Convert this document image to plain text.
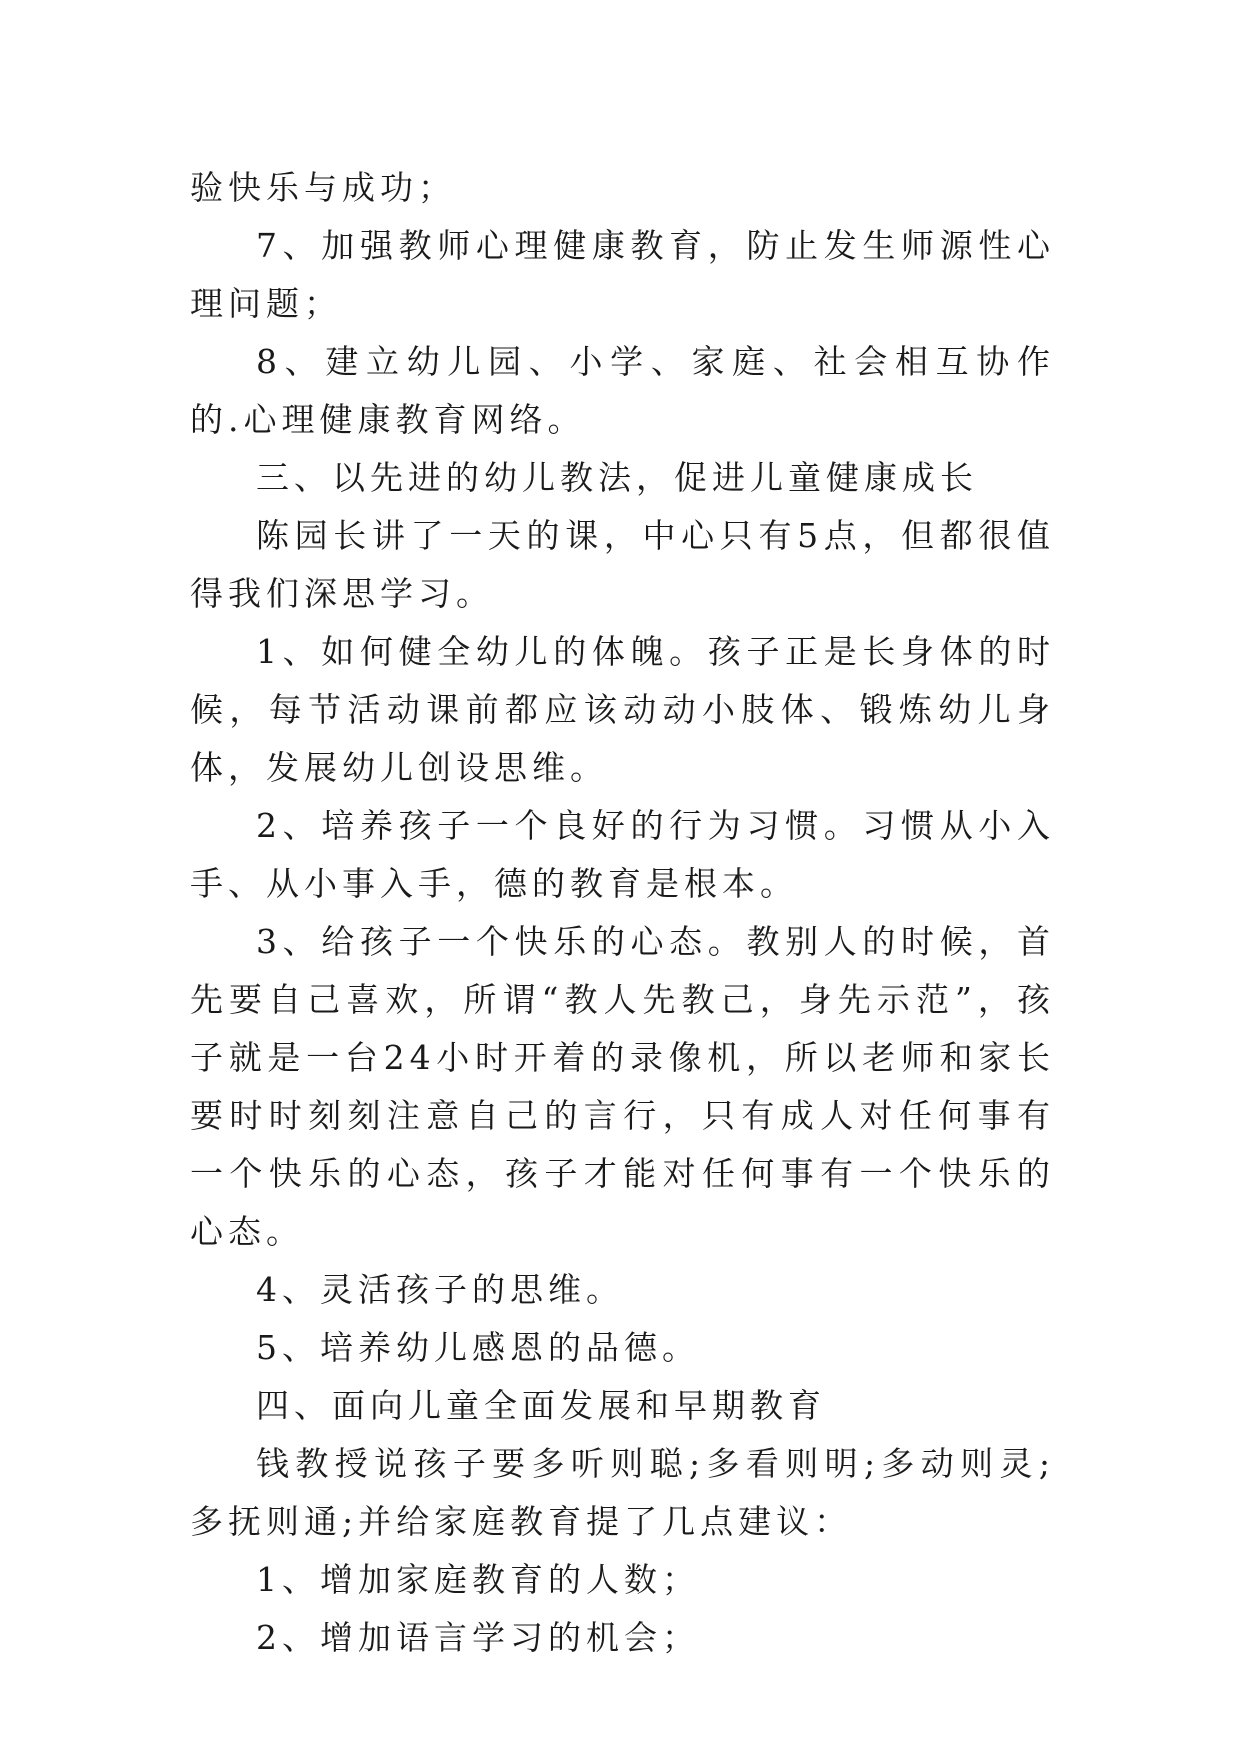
验快乐与成功；

7、加强教师心理健康教育，防止发生师源性心理问题；

8、建立幼儿园、小学、家庭、社会相互协作的.心理健康教育网络。

三、以先进的幼儿教法，促进儿童健康成长

陈园长讲了一天的课，中心只有5点，但都很值得我们深思学习。

1、如何健全幼儿的体魄。孩子正是长身体的时候，每节活动课前都应该动动小肢体、锻炼幼儿身体，发展幼儿创设思维。

2、培养孩子一个良好的行为习惯。习惯从小入手、从小事入手，德的教育是根本。

3、给孩子一个快乐的心态。教别人的时候，首先要自己喜欢，所谓“教人先教己，身先示范”，孩子就是一台24小时开着的录像机，所以老师和家长要时时刻刻注意自己的言行，只有成人对任何事有一个快乐的心态，孩子才能对任何事有一个快乐的心态。

4、灵活孩子的思维。

5、培养幼儿感恩的品德。

四、面向儿童全面发展和早期教育

钱教授说孩子要多听则聪;多看则明;多动则灵;多抚则通;并给家庭教育提了几点建议：

1、增加家庭教育的人数；

2、增加语言学习的机会；
